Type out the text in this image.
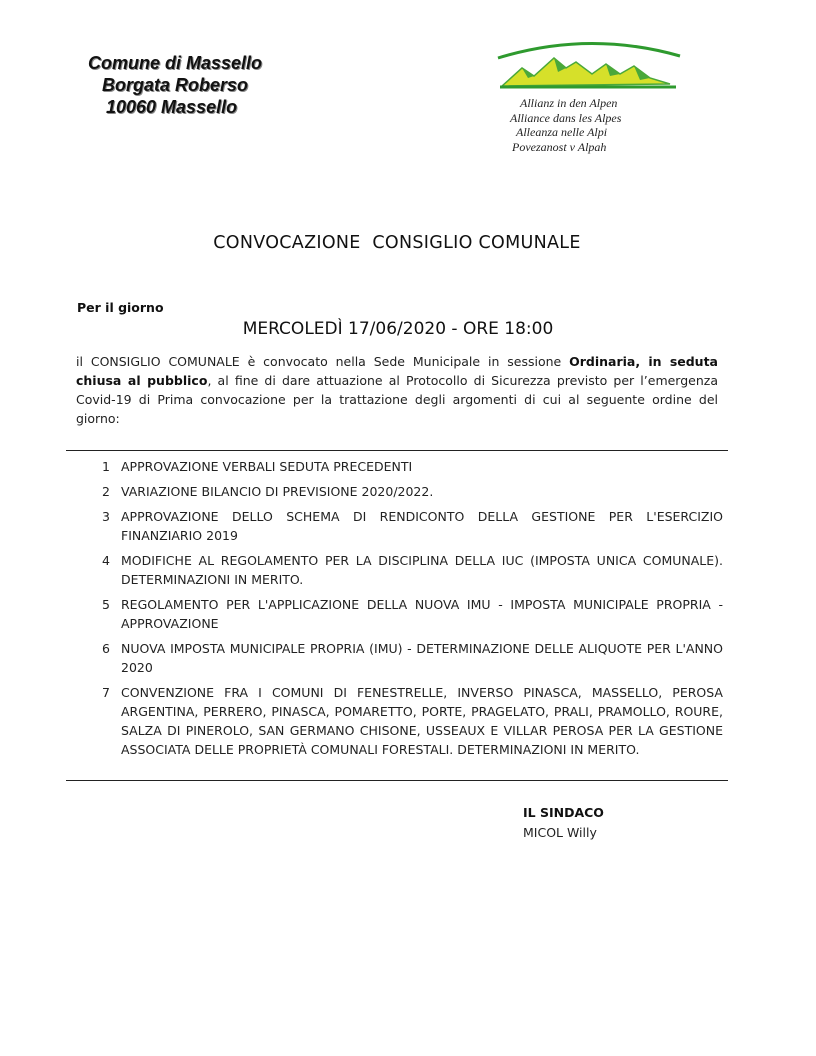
Comune di Massello
Borgata Roberso
10060 Massello	Allianz in den Alpen
Alliance dans les Alpes
Alleanza nelle Alpi
Povezanost v Alpah
CONVOCAZIONE  CONSIGLIO COMUNALE
Per il giorno
MERCOLEDÌ 17/06/2020 - ORE 18:00
il CONSIGLIO COMUNALE è convocato nella Sede Municipale in sessione Ordinaria, in seduta chiusa al pubblico, al fine di dare attuazione al Protocollo di Sicurezza previsto per l’emergenza Covid-19 di Prima convocazione per la trattazione degli argomenti di cui al seguente ordine del giorno:
1 APPROVAZIONE VERBALI SEDUTA PRECEDENTI
2 VARIAZIONE BILANCIO DI PREVISIONE 2020/2022.
3 APPROVAZIONE DELLO SCHEMA DI RENDICONTO DELLA GESTIONE PER L'ESERCIZIO FINANZIARIO 2019
4 MODIFICHE AL REGOLAMENTO PER LA DISCIPLINA DELLA IUC (IMPOSTA UNICA COMUNALE). DETERMINAZIONI IN MERITO.
5 REGOLAMENTO PER L'APPLICAZIONE DELLA NUOVA IMU - IMPOSTA MUNICIPALE PROPRIA - APPROVAZIONE
6 NUOVA IMPOSTA MUNICIPALE PROPRIA (IMU) - DETERMINAZIONE DELLE ALIQUOTE PER L'ANNO 2020
7 CONVENZIONE FRA I COMUNI DI FENESTRELLE, INVERSO PINASCA, MASSELLO, PEROSA ARGENTINA, PERRERO, PINASCA, POMARETTO, PORTE, PRAGELATO, PRALI, PRAMOLLO, ROURE, SALZA DI PINEROLO, SAN GERMANO CHISONE, USSEAUX E VILLAR PEROSA PER LA GESTIONE ASSOCIATA DELLE PROPRIETÀ COMUNALI FORESTALI. DETERMINAZIONI IN MERITO.
IL SINDACO
MICOL Willy
